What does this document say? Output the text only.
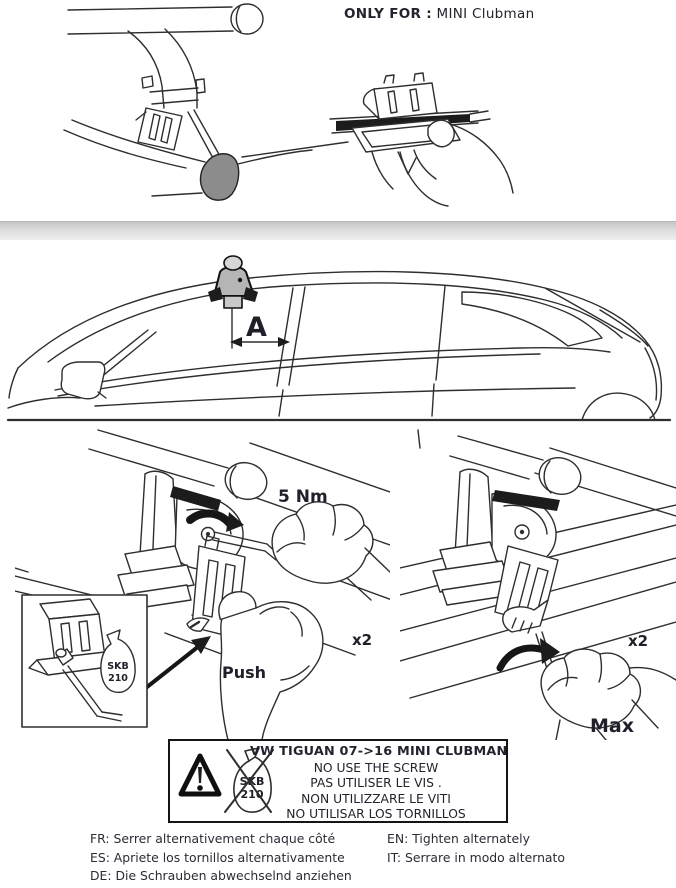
ONLY FOR : MINI Clubman
A
SKB
210
5 Nm
x2
Push
x2
Max
SKB
210
VW TIGUAN 07->16 MINI CLUBMAN
NO USE THE SCREW
PAS UTILISER LE VIS .
NON UTILIZZARE LE VITI
NO UTILISAR LOS TORNILLOS
FR: Serrer alternativement chaque côté
ES: Apriete los tornillos alternativamente
DE: Die Schrauben abwechselnd anziehen
EN: Tighten alternately
IT: Serrare in modo alternato
